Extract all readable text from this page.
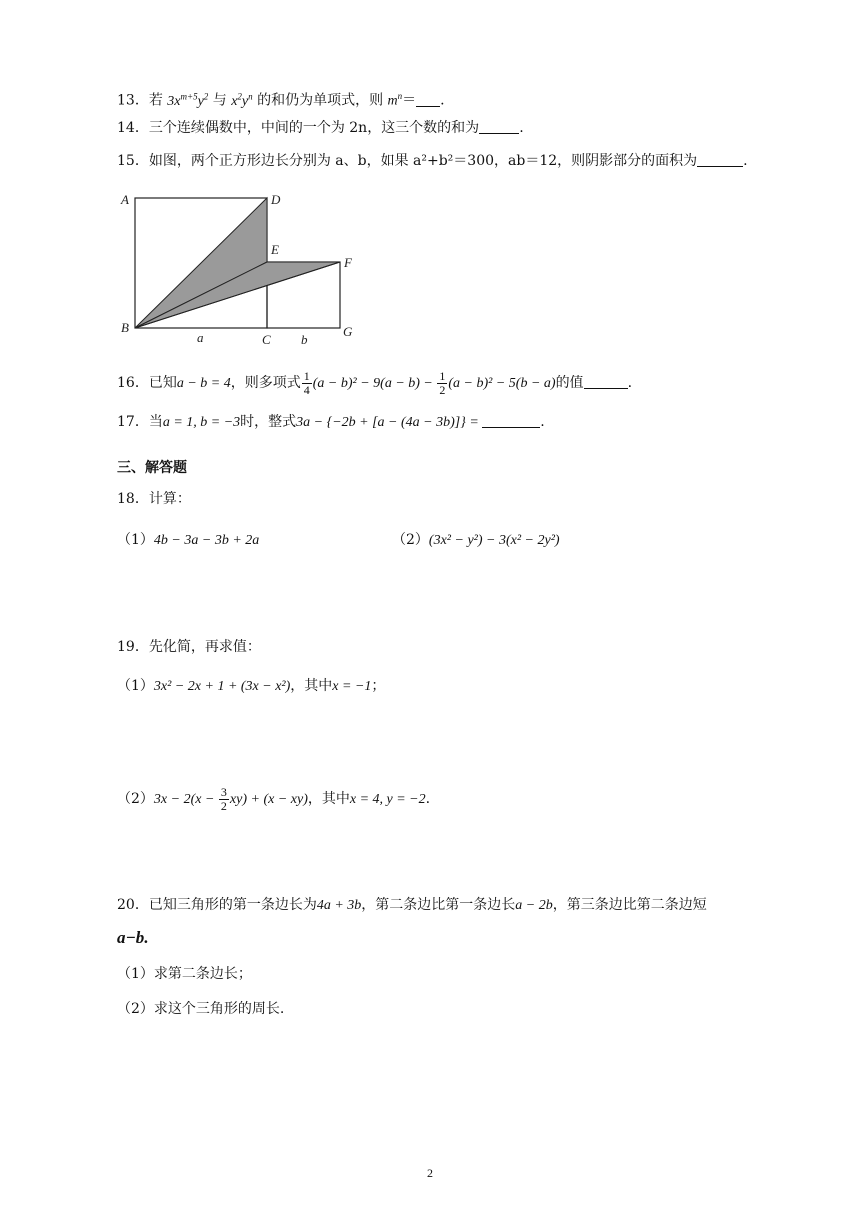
13．若 $3x^{m+5}y^2$ 与 $x^2y^n$ 的和仍为单项式，则 $m^n=$ .
14．三个连续偶数中，中间的一个为 2n，这三个数的和为	.
15．如图，两个正方形边长分别为 a、b，如果 a²+b²＝300，ab＝12，则阴影部分的面积为	.
A	D
E
F
B
C
G
a	b
16．已知a − b = 4，则多项式 $\frac{1}{4} (a - b)^2 - 9(a - b) - \frac{1}{2} (a - b)^2 - 5(b - a)$的值	.
17．当a = 1, b = −3时，整式3a − {−2b + [a − (4a − 3b)]} =	.
三、解答题
18．计算：
（1）4b − 3a − 3b + 2a	（2）(3x² − y²) − 3(x² − 2y²)
19．先化简，再求值：
（1）3x² − 2x + 1 + (3x − x²)，其中x = −1；
$(2)3x - 2(x - \frac{3}{2} xy) + (x - xy)$，其中x = 4, y = −2.
20．已知三角形的第一条边长为4a + 3b，第二条边比第一条边长a − 2b，第三条边比第二条边短
a−b.
（1）求第二条边长；
（2）求这个三角形的周长.
2
